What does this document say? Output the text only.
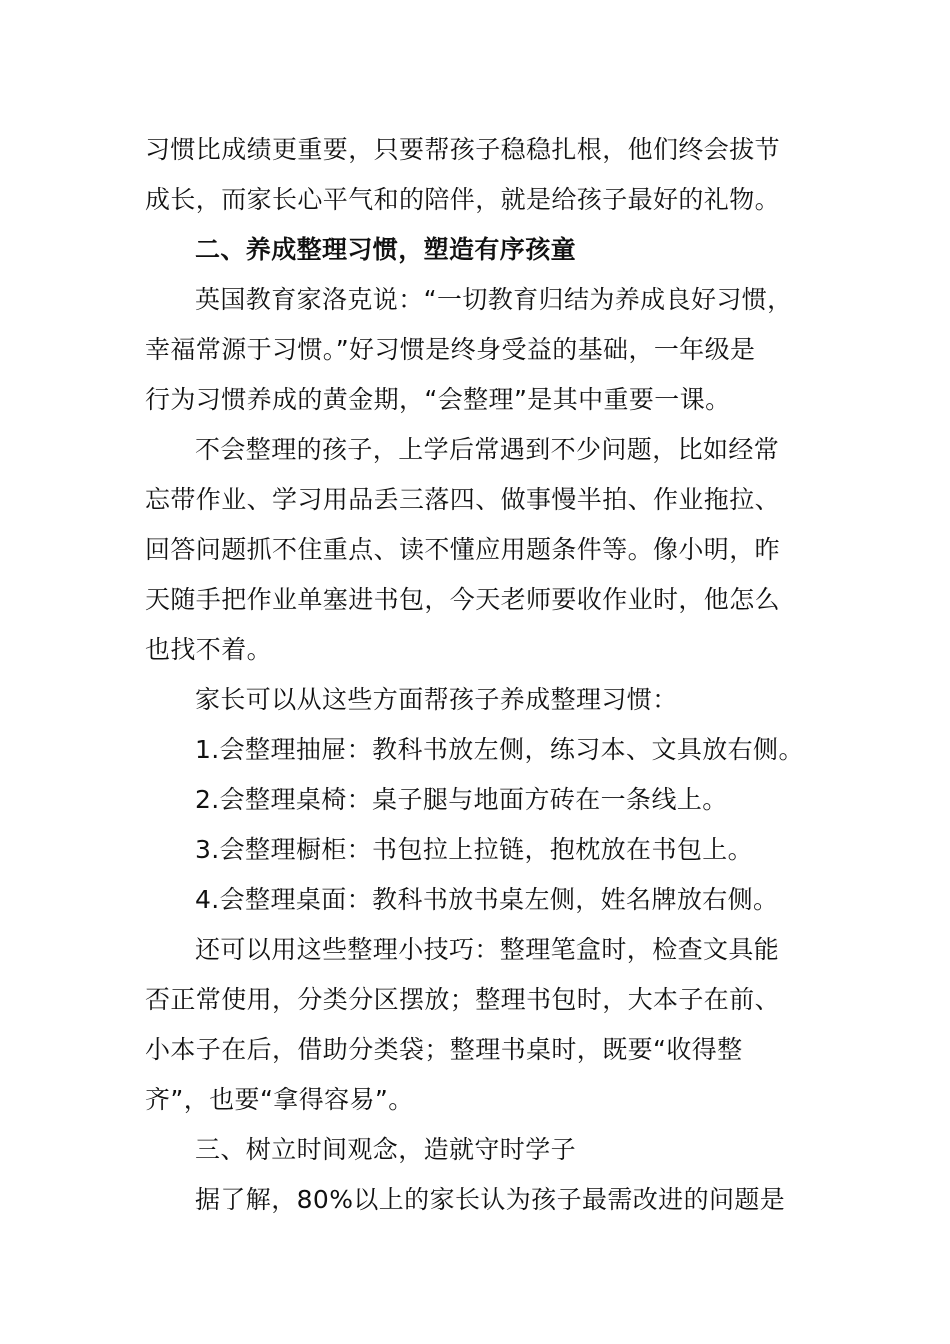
习惯比成绩更重要，只要帮孩子稳稳扎根，他们终会拔节
成长，而家长心平气和的陪伴，就是给孩子最好的礼物。
二、养成整理习惯，塑造有序孩童
英国教育家洛克说：“一切教育归结为养成良好习惯，
幸福常源于习惯。”好习惯是终身受益的基础，一年级是
行为习惯养成的黄金期，“会整理”是其中重要一课。
不会整理的孩子，上学后常遇到不少问题，比如经常
忘带作业、学习用品丢三落四、做事慢半拍、作业拖拉、
回答问题抓不住重点、读不懂应用题条件等。像小明，昨
天随手把作业单塞进书包，今天老师要收作业时，他怎么
也找不着。
家长可以从这些方面帮孩子养成整理习惯：
1.会整理抽屉：教科书放左侧，练习本、文具放右侧。
2.会整理桌椅：桌子腿与地面方砖在一条线上。
3.会整理橱柜：书包拉上拉链，抱枕放在书包上。
4.会整理桌面：教科书放书桌左侧，姓名牌放右侧。
还可以用这些整理小技巧：整理笔盒时，检查文具能
否正常使用，分类分区摆放；整理书包时，大本子在前、
小本子在后，借助分类袋；整理书桌时，既要“收得整
齐”，也要“拿得容易”。
三、树立时间观念，造就守时学子
据了解，80%以上的家长认为孩子最需改进的问题是
